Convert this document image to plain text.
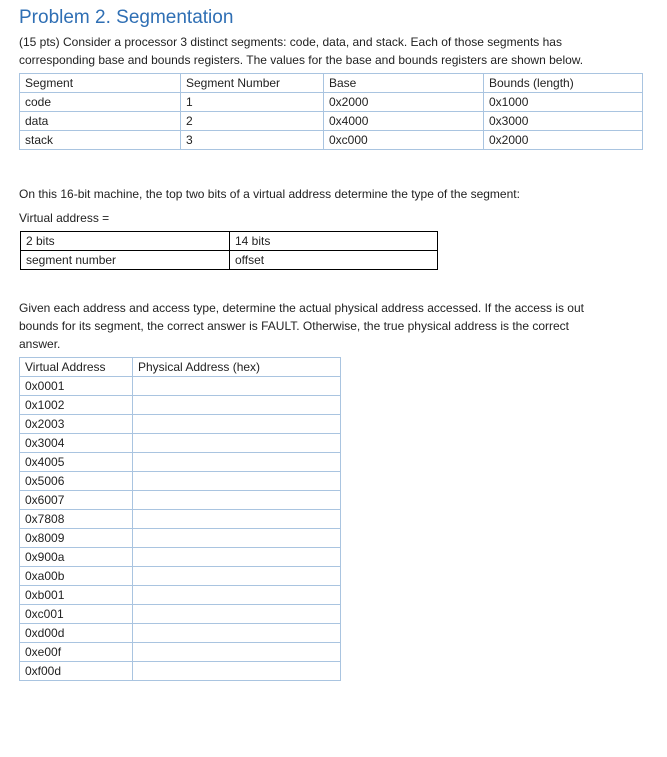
Problem 2. Segmentation

(15 pts) Consider a processor 3 distinct segments: code, data, and stack. Each of those segments has corresponding base and bounds registers. The values for the base and bounds registers are shown below.

Segment	Segment Number	Base	Bounds (length)
code	1	0x2000	0x1000
data	2	0x4000	0x3000
stack	3	0xc000	0x2000

On this 16-bit machine, the top two bits of a virtual address determine the type of the segment:

Virtual address =

2 bits	14 bits
segment number	offset

Given each address and access type, determine the actual physical address accessed. If the access is out bounds for its segment, the correct answer is FAULT. Otherwise, the true physical address is the correct answer.

Virtual Address	Physical Address (hex)
0x0001	
0x1002	
0x2003	
0x3004	
0x4005	
0x5006	
0x6007	
0x7808	
0x8009	
0x900a	
0xa00b	
0xb001	
0xc001	
0xd00d	
0xe00f	
0xf00d	
